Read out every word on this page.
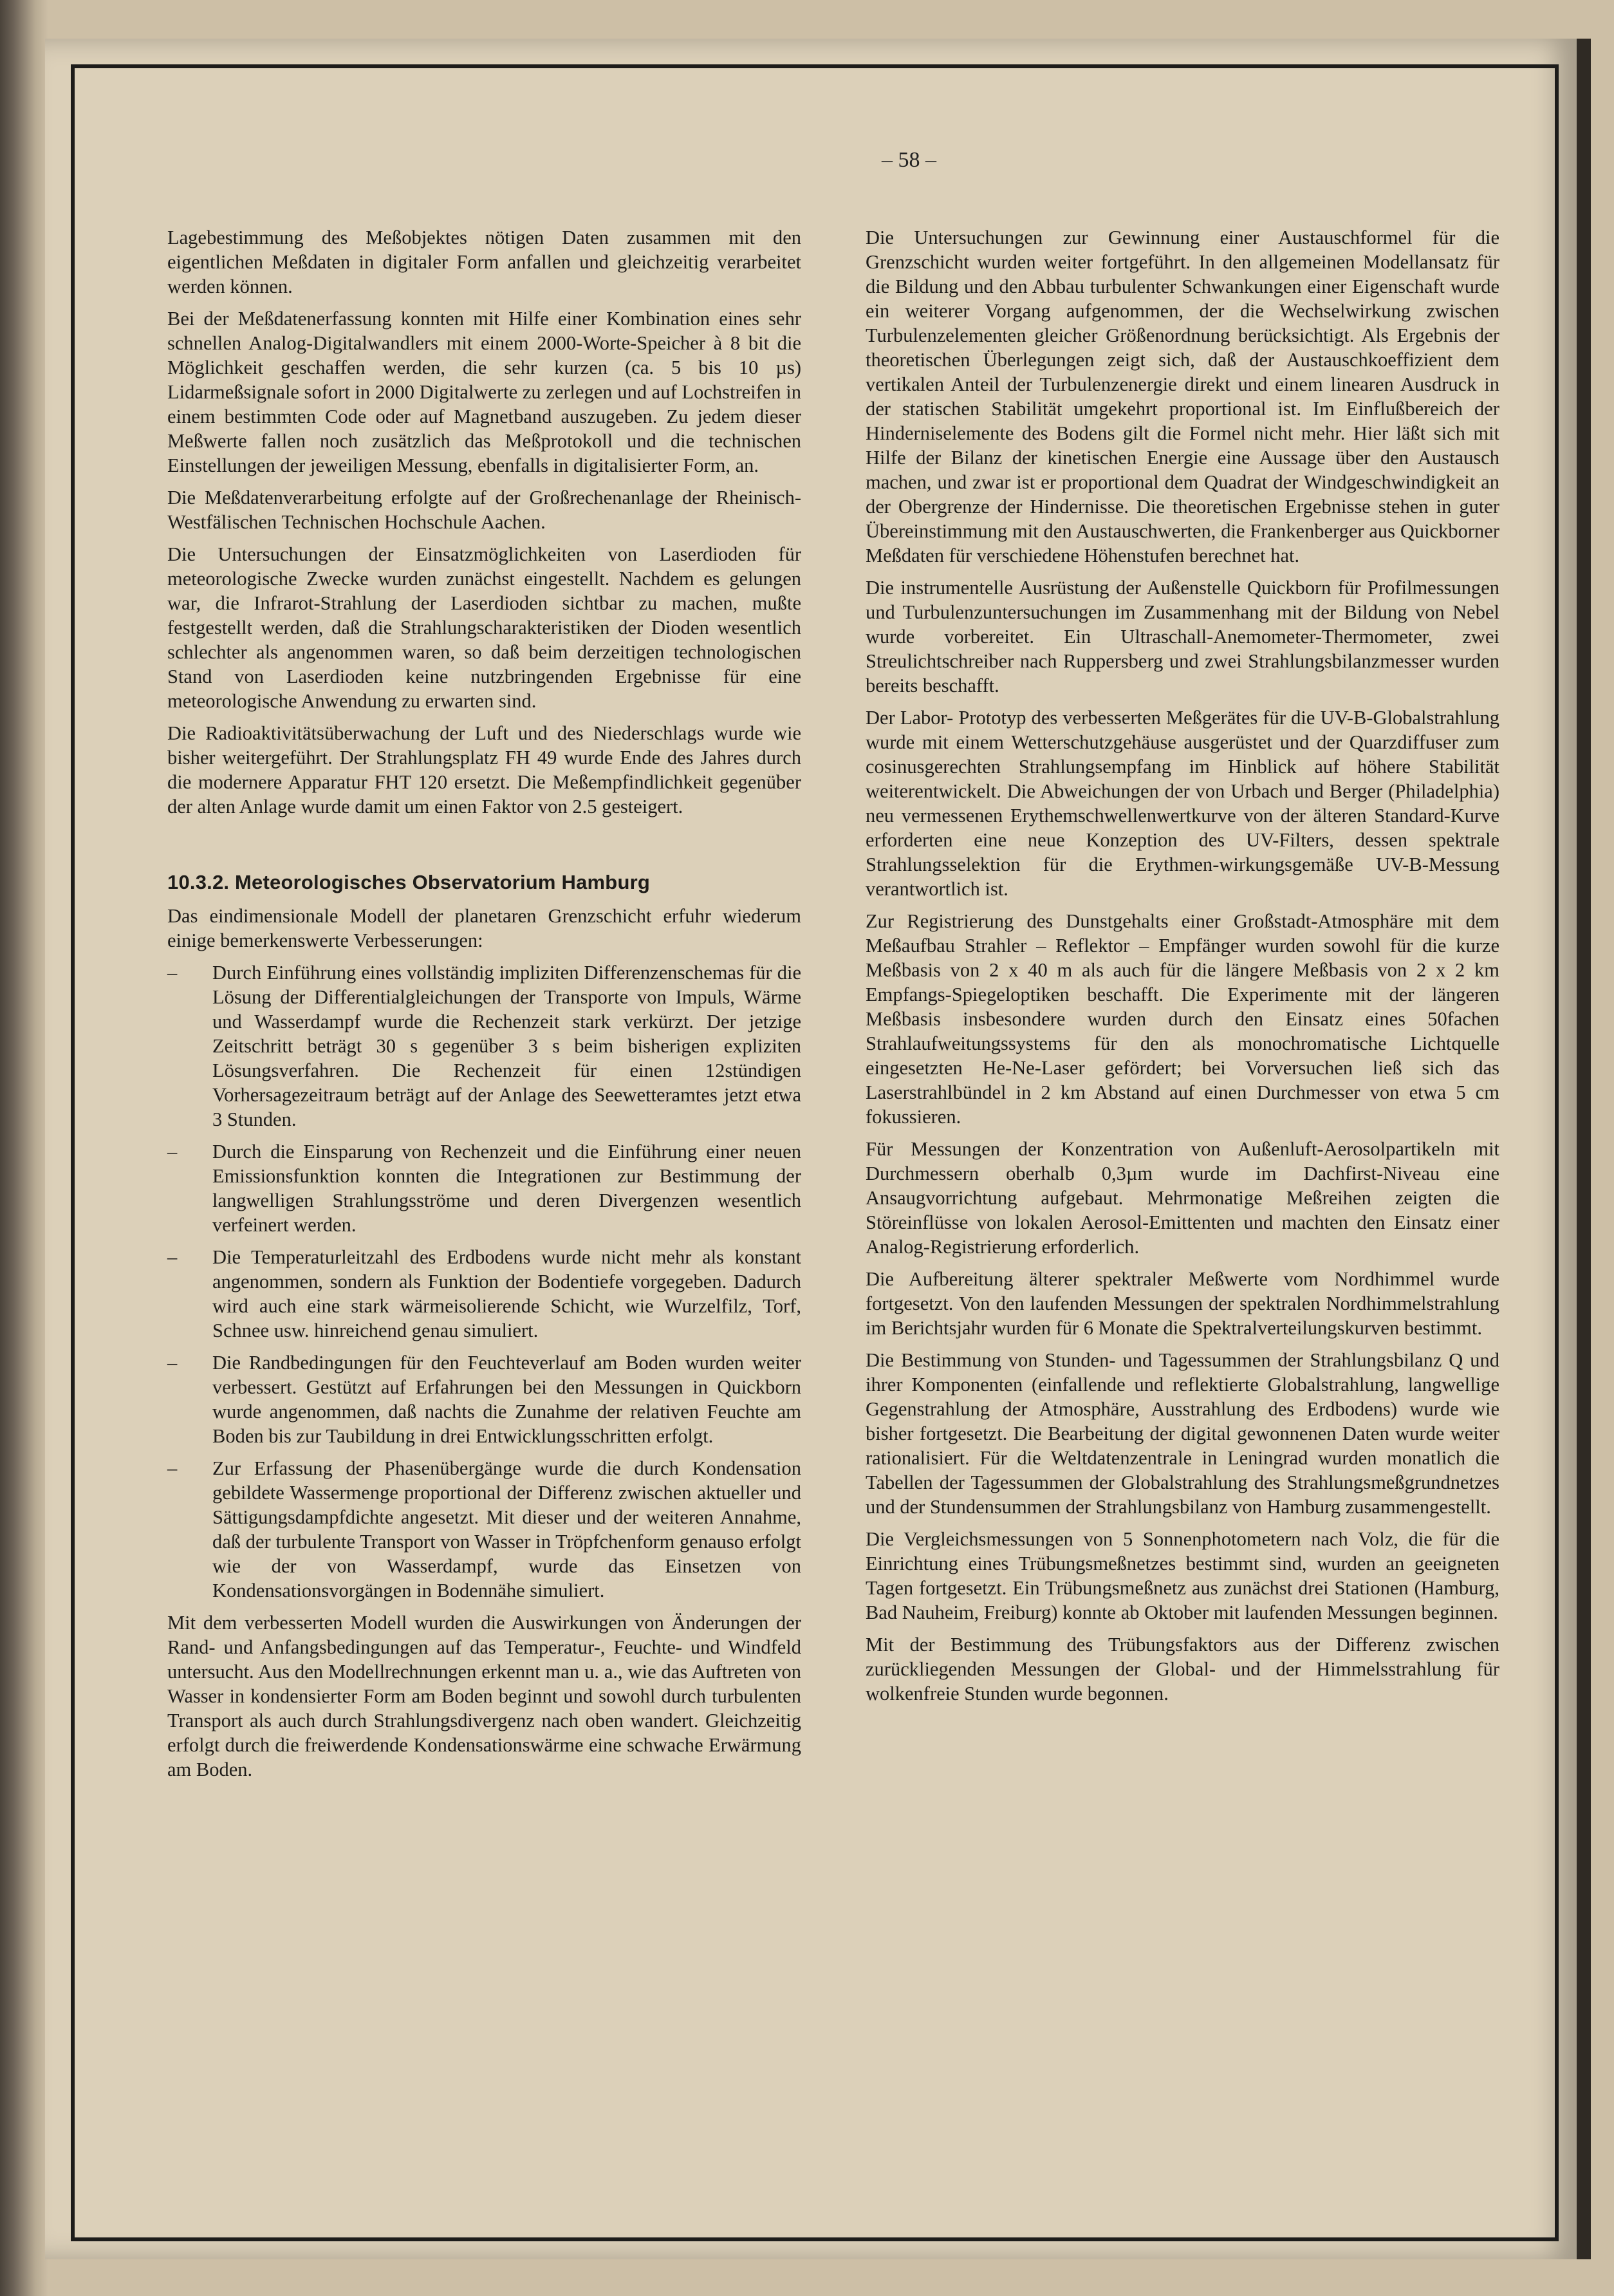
– 58 –

Lagebestimmung des Meßobjektes nötigen Daten zusammen mit den eigentlichen Meßdaten in digitaler Form anfallen und gleichzeitig verarbeitet werden können.

Bei der Meßdatenerfassung konnten mit Hilfe einer Kombination eines sehr schnellen Analog-Digitalwandlers mit einem 2000-Worte-Speicher à 8 bit die Möglichkeit geschaffen werden, die sehr kurzen (ca. 5 bis 10 µs) Lidarmeßsignale sofort in 2000 Digitalwerte zu zerlegen und auf Lochstreifen in einem bestimmten Code oder auf Magnetband auszugeben. Zu jedem dieser Meßwerte fallen noch zusätzlich das Meßprotokoll und die technischen Einstellungen der jeweiligen Messung, ebenfalls in digitalisierter Form, an.

Die Meßdatenverarbeitung erfolgte auf der Großrechenanlage der Rheinisch-Westfälischen Technischen Hochschule Aachen.

Die Untersuchungen der Einsatzmöglichkeiten von Laserdioden für meteorologische Zwecke wurden zunächst eingestellt. Nachdem es gelungen war, die Infrarot-Strahlung der Laserdioden sichtbar zu machen, mußte festgestellt werden, daß die Strahlungscharakteristiken der Dioden wesentlich schlechter als angenommen waren, so daß beim derzeitigen technologischen Stand von Laserdioden keine nutzbringenden Ergebnisse für eine meteorologische Anwendung zu erwarten sind.

Die Radioaktivitätsüberwachung der Luft und des Niederschlags wurde wie bisher weitergeführt. Der Strahlungsplatz FH 49 wurde Ende des Jahres durch die modernere Apparatur FHT 120 ersetzt. Die Meßempfindlichkeit gegenüber der alten Anlage wurde damit um einen Faktor von 2.5 gesteigert.

10.3.2. Meteorologisches Observatorium Hamburg

Das eindimensionale Modell der planetaren Grenzschicht erfuhr wiederum einige bemerkenswerte Verbesserungen:

– Durch Einführung eines vollständig impliziten Differenzenschemas für die Lösung der Differentialgleichungen der Transporte von Impuls, Wärme und Wasserdampf wurde die Rechenzeit stark verkürzt. Der jetzige Zeitschritt beträgt 30 s gegenüber 3 s beim bisherigen expliziten Lösungsverfahren. Die Rechenzeit für einen 12stündigen Vorhersagezeitraum beträgt auf der Anlage des Seewetteramtes jetzt etwa 3 Stunden.
– Durch die Einsparung von Rechenzeit und die Einführung einer neuen Emissionsfunktion konnten die Integrationen zur Bestimmung der langwelligen Strahlungsströme und deren Divergenzen wesentlich verfeinert werden.
– Die Temperaturleitzahl des Erdbodens wurde nicht mehr als konstant angenommen, sondern als Funktion der Bodentiefe vorgegeben. Dadurch wird auch eine stark wärmeisolierende Schicht, wie Wurzelfilz, Torf, Schnee usw. hinreichend genau simuliert.
– Die Randbedingungen für den Feuchteverlauf am Boden wurden weiter verbessert. Gestützt auf Erfahrungen bei den Messungen in Quickborn wurde angenommen, daß nachts die Zunahme der relativen Feuchte am Boden bis zur Taubildung in drei Entwicklungsschritten erfolgt.
– Zur Erfassung der Phasenübergänge wurde die durch Kondensation gebildete Wassermenge proportional der Differenz zwischen aktueller und Sättigungsdampfdichte angesetzt. Mit dieser und der weiteren Annahme, daß der turbulente Transport von Wasser in Tröpfchenform genauso erfolgt wie der von Wasserdampf, wurde das Einsetzen von Kondensationsvorgängen in Bodennähe simuliert.

Mit dem verbesserten Modell wurden die Auswirkungen von Änderungen der Rand- und Anfangsbedingungen auf das Temperatur-, Feuchte- und Windfeld untersucht. Aus den Modellrechnungen erkennt man u. a., wie das Auftreten von Wasser in kondensierter Form am Boden beginnt und sowohl durch turbulenten Transport als auch durch Strahlungsdivergenz nach oben wandert. Gleichzeitig erfolgt durch die freiwerdende Kondensationswärme eine schwache Erwärmung am Boden.

Die Untersuchungen zur Gewinnung einer Austauschformel für die Grenzschicht wurden weiter fortgeführt. In den allgemeinen Modellansatz für die Bildung und den Abbau turbulenter Schwankungen einer Eigenschaft wurde ein weiterer Vorgang aufgenommen, der die Wechselwirkung zwischen Turbulenzelementen gleicher Größenordnung berücksichtigt. Als Ergebnis der theoretischen Überlegungen zeigt sich, daß der Austauschkoeffizient dem vertikalen Anteil der Turbulenzenergie direkt und einem linearen Ausdruck in der statischen Stabilität umgekehrt proportional ist. Im Einflußbereich der Hinderniselemente des Bodens gilt die Formel nicht mehr. Hier läßt sich mit Hilfe der Bilanz der kinetischen Energie eine Aussage über den Austausch machen, und zwar ist er proportional dem Quadrat der Windgeschwindigkeit an der Obergrenze der Hindernisse. Die theoretischen Ergebnisse stehen in guter Übereinstimmung mit den Austauschwerten, die Frankenberger aus Quickborner Meßdaten für verschiedene Höhenstufen berechnet hat.

Die instrumentelle Ausrüstung der Außenstelle Quickborn für Profilmessungen und Turbulenzuntersuchungen im Zusammenhang mit der Bildung von Nebel wurde vorbereitet. Ein Ultraschall-Anemometer-Thermometer, zwei Streulichtschreiber nach Ruppersberg und zwei Strahlungsbilanzmesser wurden bereits beschafft.

Der Labor- Prototyp des verbesserten Meßgerätes für die UV-B-Globalstrahlung wurde mit einem Wetterschutzgehäuse ausgerüstet und der Quarzdiffuser zum cosinusgerechten Strahlungsempfang im Hinblick auf höhere Stabilität weiterentwickelt. Die Abweichungen der von Urbach und Berger (Philadelphia) neu vermessenen Erythemschwellenwertkurve von der älteren Standard-Kurve erforderten eine neue Konzeption des UV-Filters, dessen spektrale Strahlungsselektion für die Erythmen-wirkungsgemäße UV-B-Messung verantwortlich ist.

Zur Registrierung des Dunstgehalts einer Großstadt-Atmosphäre mit dem Meßaufbau Strahler – Reflektor – Empfänger wurden sowohl für die kurze Meßbasis von 2 x 40 m als auch für die längere Meßbasis von 2 x 2 km Empfangs-Spiegeloptiken beschafft. Die Experimente mit der längeren Meßbasis insbesondere wurden durch den Einsatz eines 50fachen Strahlaufweitungssystems für den als monochromatische Lichtquelle eingesetzten He-Ne-Laser gefördert; bei Vorversuchen ließ sich das Laserstrahlbündel in 2 km Abstand auf einen Durchmesser von etwa 5 cm fokussieren.

Für Messungen der Konzentration von Außenluft-Aerosolpartikeln mit Durchmessern oberhalb 0,3µm wurde im Dachfirst-Niveau eine Ansaugvorrichtung aufgebaut. Mehrmonatige Meßreihen zeigten die Störeinflüsse von lokalen Aerosol-Emittenten und machten den Einsatz einer Analog-Registrierung erforderlich.

Die Aufbereitung älterer spektraler Meßwerte vom Nordhimmel wurde fortgesetzt. Von den laufenden Messungen der spektralen Nordhimmelstrahlung im Berichtsjahr wurden für 6 Monate die Spektralverteilungskurven bestimmt.

Die Bestimmung von Stunden- und Tagessummen der Strahlungsbilanz Q und ihrer Komponenten (einfallende und reflektierte Globalstrahlung, langwellige Gegenstrahlung der Atmosphäre, Ausstrahlung des Erdbodens) wurde wie bisher fortgesetzt. Die Bearbeitung der digital gewonnenen Daten wurde weiter rationalisiert. Für die Weltdatenzentrale in Leningrad wurden monatlich die Tabellen der Tagessummen der Globalstrahlung des Strahlungsmeßgrundnetzes und der Stundensummen der Strahlungsbilanz von Hamburg zusammengestellt.

Die Vergleichsmessungen von 5 Sonnenphotometern nach Volz, die für die Einrichtung eines Trübungsmeßnetzes bestimmt sind, wurden an geeigneten Tagen fortgesetzt. Ein Trübungsmeßnetz aus zunächst drei Stationen (Hamburg, Bad Nauheim, Freiburg) konnte ab Oktober mit laufenden Messungen beginnen.

Mit der Bestimmung des Trübungsfaktors aus der Differenz zwischen zurückliegenden Messungen der Global- und der Himmelsstrahlung für wolkenfreie Stunden wurde begonnen.
